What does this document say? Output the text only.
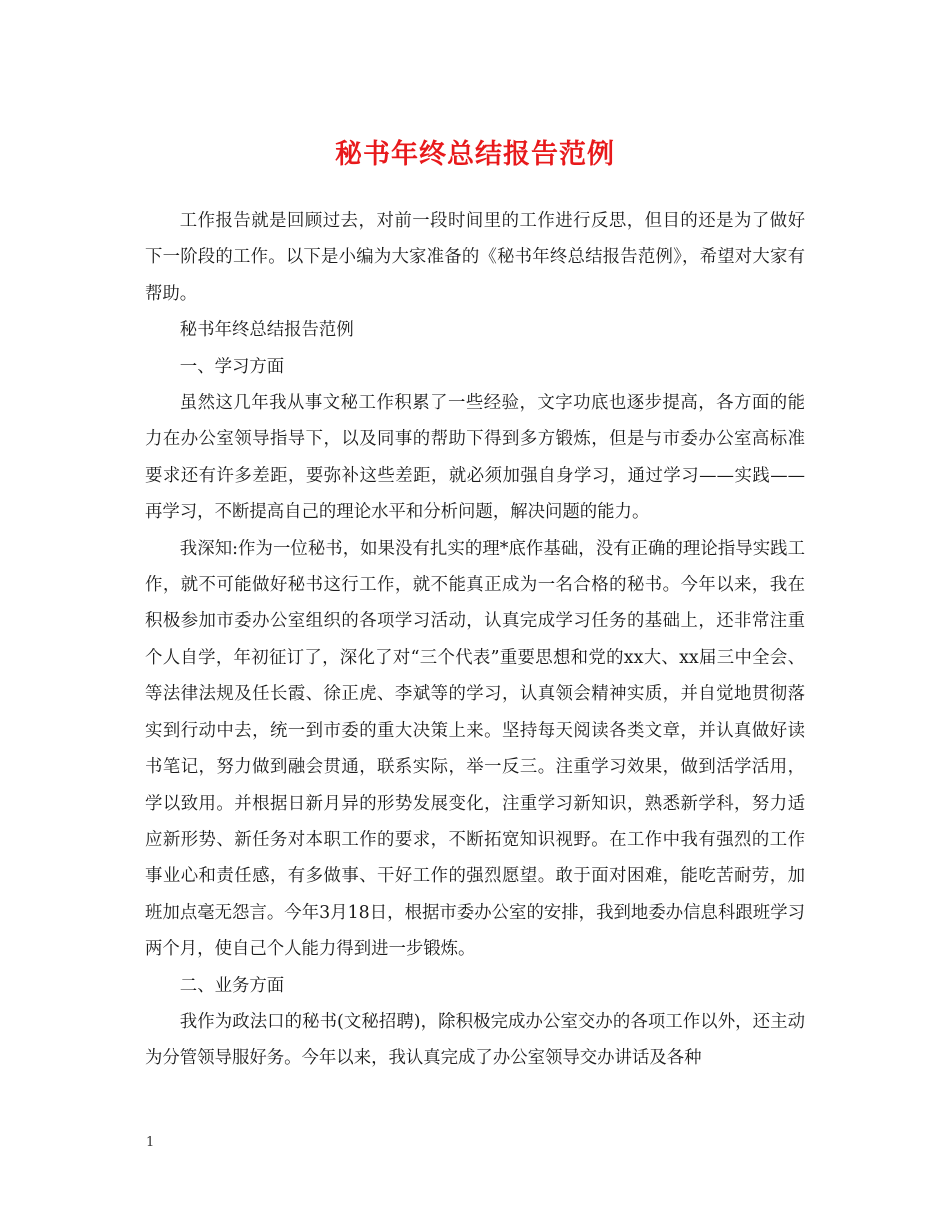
秘书年终总结报告范例

工作报告就是回顾过去，对前一段时间里的工作进行反思，但目的还是为了做好下一阶段的工作。以下是小编为大家准备的《秘书年终总结报告范例》，希望对大家有帮助。

秘书年终总结报告范例

一、学习方面

虽然这几年我从事文秘工作积累了一些经验，文字功底也逐步提高，各方面的能力在办公室领导指导下，以及同事的帮助下得到多方锻炼，但是与市委办公室高标准要求还有许多差距，要弥补这些差距，就必须加强自身学习，通过学习——实践——再学习，不断提高自己的理论水平和分析问题，解决问题的能力。

我深知:作为一位秘书，如果没有扎实的理*底作基础，没有正确的理论指导实践工作，就不可能做好秘书这行工作，就不能真正成为一名合格的秘书。今年以来，我在积极参加市委办公室组织的各项学习活动，认真完成学习任务的基础上，还非常注重个人自学，年初征订了，深化了对“三个代表”重要思想和党的xx大、xx届三中全会、等法律法规及任长霞、徐正虎、李斌等的学习，认真领会精神实质，并自觉地贯彻落实到行动中去，统一到市委的重大决策上来。坚持每天阅读各类文章，并认真做好读书笔记，努力做到融会贯通，联系实际，举一反三。注重学习效果，做到活学活用，学以致用。并根据日新月异的形势发展变化，注重学习新知识，熟悉新学科，努力适应新形势、新任务对本职工作的要求，不断拓宽知识视野。在工作中我有强烈的工作事业心和责任感，有多做事、干好工作的强烈愿望。敢于面对困难，能吃苦耐劳，加班加点毫无怨言。今年3月18日，根据市委办公室的安排，我到地委办信息科跟班学习两个月，使自己个人能力得到进一步锻炼。

二、业务方面

我作为政法口的秘书(文秘招聘)，除积极完成办公室交办的各项工作以外，还主动为分管领导服好务。今年以来，我认真完成了办公室领导交办讲话及各种

1
